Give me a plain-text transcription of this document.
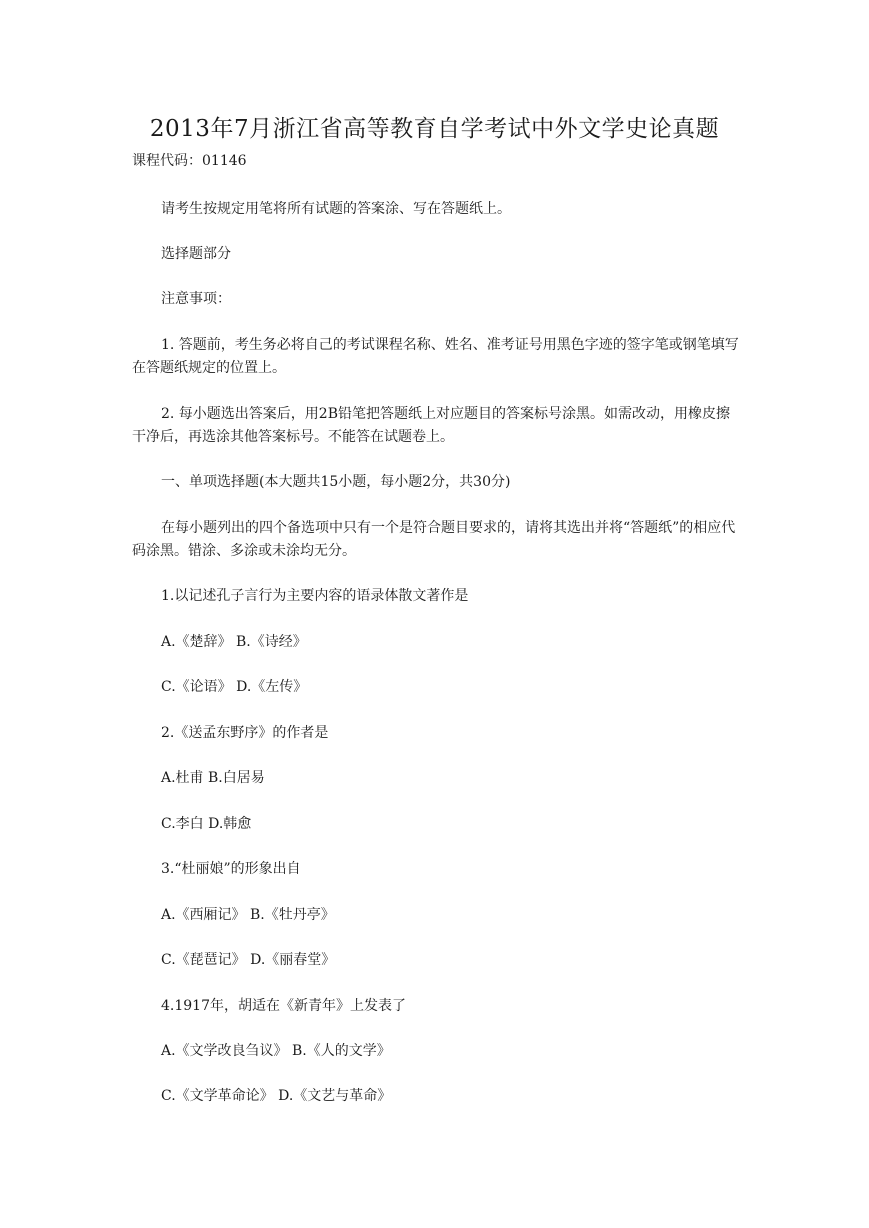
2013年7月浙江省高等教育自学考试中外文学史论真题
课程代码：01146
请考生按规定用笔将所有试题的答案涂、写在答题纸上。
选择题部分
注意事项：
1. 答题前，考生务必将自己的考试课程名称、姓名、准考证号用黑色字迹的签字笔或钢笔填写在答题纸规定的位置上。
2. 每小题选出答案后，用2B铅笔把答题纸上对应题目的答案标号涂黑。如需改动，用橡皮擦干净后，再选涂其他答案标号。不能答在试题卷上。
一、单项选择题(本大题共15小题，每小题2分，共30分)
在每小题列出的四个备选项中只有一个是符合题目要求的，请将其选出并将“答题纸”的相应代码涂黑。错涂、多涂或未涂均无分。
1.以记述孔子言行为主要内容的语录体散文著作是
A.《楚辞》 B.《诗经》
C.《论语》 D.《左传》
2.《送孟东野序》的作者是
A.杜甫 B.白居易
C.李白 D.韩愈
3.“杜丽娘”的形象出自
A.《西厢记》 B.《牡丹亭》
C.《琵琶记》 D.《丽春堂》
4.1917年，胡适在《新青年》上发表了
A.《文学改良刍议》 B.《人的文学》
C.《文学革命论》 D.《文艺与革命》
